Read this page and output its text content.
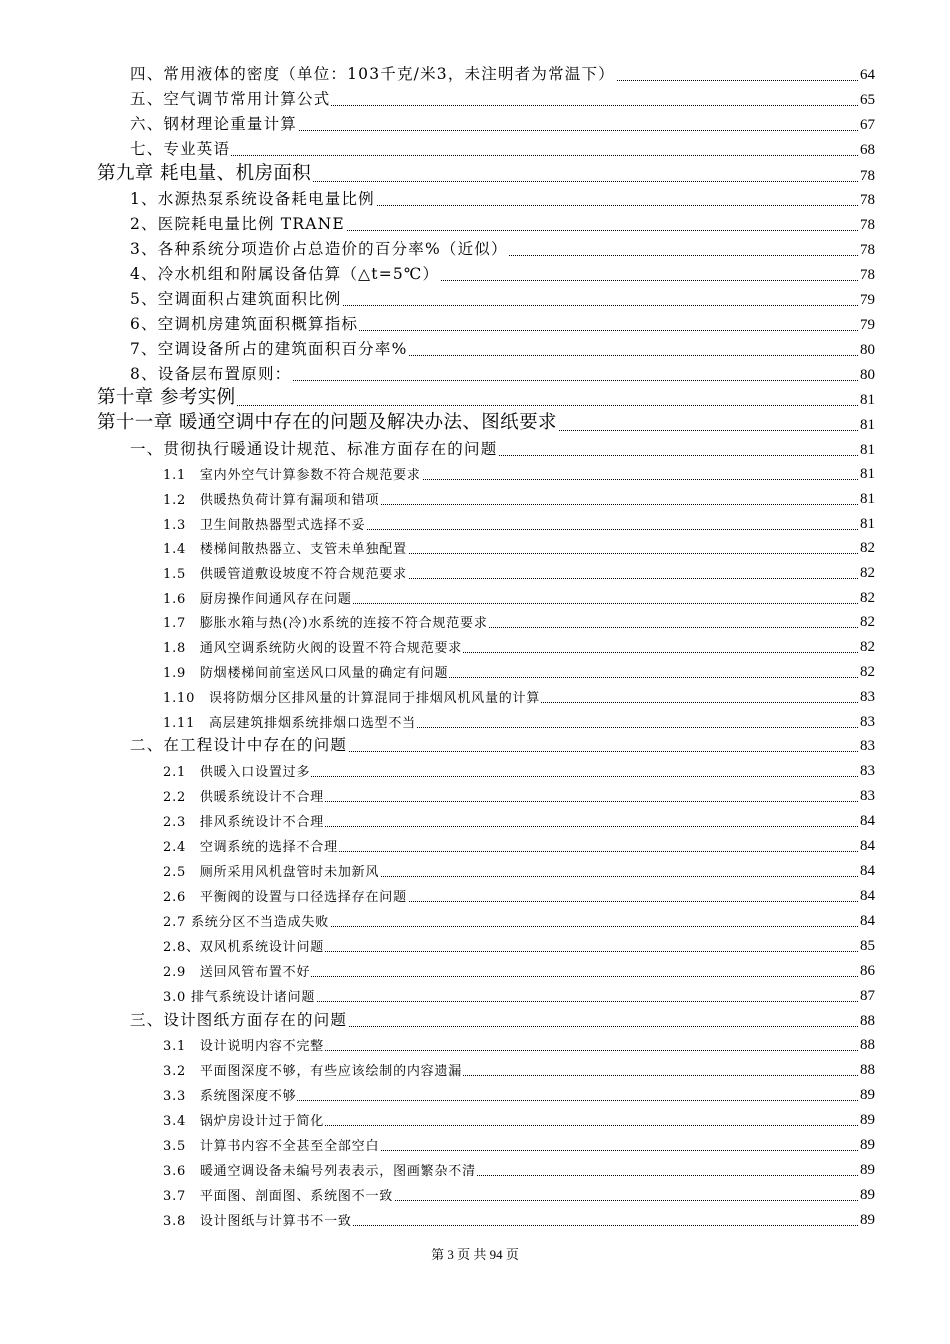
四、常用液体的密度（单位：103千克/米3，未注明者为常温下）	64
五、空气调节常用计算公式	65
六、钢材理论重量计算	67
七、专业英语	68
第九章 耗电量、机房面积	78
1、水源热泵系统设备耗电量比例	78
2、医院耗电量比例 TRANE	78
3、各种系统分项造价占总造价的百分率%（近似）	78
4、冷水机组和附属设备估算（△t=5℃）	78
5、空调面积占建筑面积比例	79
6、空调机房建筑面积概算指标	79
7、空调设备所占的建筑面积百分率%	80
8、设备层布置原则：	80
第十章 参考实例	81
第十一章 暖通空调中存在的问题及解决办法、图纸要求	81
一、贯彻执行暖通设计规范、标准方面存在的问题	81
1.1　室内外空气计算参数不符合规范要求	81
1.2　供暖热负荷计算有漏项和错项	81
1.3　卫生间散热器型式选择不妥	81
1.4　楼梯间散热器立、支管未单独配置	82
1.5　供暖管道敷设坡度不符合规范要求	82
1.6　厨房操作间通风存在问题	82
1.7　膨胀水箱与热(冷)水系统的连接不符合规范要求	82
1.8　通风空调系统防火阀的设置不符合规范要求	82
1.9　防烟楼梯间前室送风口风量的确定有问题	82
1.10　误将防烟分区排风量的计算混同于排烟风机风量的计算	83
1.11　高层建筑排烟系统排烟口选型不当	83
二、在工程设计中存在的问题	83
2.1　供暖入口设置过多	83
2.2　供暖系统设计不合理	83
2.3　排风系统设计不合理	84
2.4　空调系统的选择不合理	84
2.5　厕所采用风机盘管时未加新风	84
2.6　平衡阀的设置与口径选择存在问题	84
2.7 系统分区不当造成失败	84
2.8、双风机系统设计问题	85
2.9　送回风管布置不好	86
3.0 排气系统设计诸问题	87
三、设计图纸方面存在的问题	88
3.1　设计说明内容不完整	88
3.2　平面图深度不够，有些应该绘制的内容遗漏	88
3.3　系统图深度不够	89
3.4　锅炉房设计过于简化	89
3.5　计算书内容不全甚至全部空白	89
3.6　暖通空调设备未编号列表表示，图画繁杂不清	89
3.7　平面图、剖面图、系统图不一致	89
3.8　设计图纸与计算书不一致	89
第 3 页 共 94 页
